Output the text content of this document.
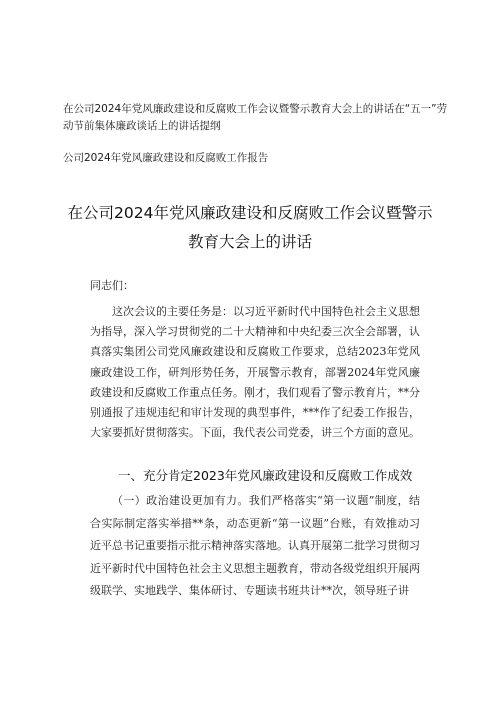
在公司2024年党风廉政建设和反腐败工作会议暨警示教育大会上的讲话在“五一”劳动节前集体廉政谈话上的讲话提纲
公司2024年党风廉政建设和反腐败工作报告
在公司2024年党风廉政建设和反腐败工作会议暨警示教育大会上的讲话
同志们：
这次会议的主要任务是：以习近平新时代中国特色社会主义思想为指导，深入学习贯彻党的二十大精神和中央纪委三次全会部署，认真落实集团公司党风廉政建设和反腐败工作要求，总结2023年党风廉政建设工作，研判形势任务，开展警示教育，部署2024年党风廉政建设和反腐败工作重点任务。刚才，我们观看了警示教育片，**分别通报了违规违纪和审计发现的典型事件，***作了纪委工作报告，大家要抓好贯彻落实。下面，我代表公司党委，讲三个方面的意见。
一、充分肯定2023年党风廉政建设和反腐败工作成效
（一）政治建设更加有力。我们严格落实“第一议题”制度，结合实际制定落实举措**条，动态更新“第一议题”台账，有效推动习近平总书记重要指示批示精神落实落地。认真开展第二批学习贯彻习近平新时代中国特色社会主义思想主题教育，带动各级党组织开展两级联学、实地践学、集体研讨、专题读书班共计**次，领导班子讲
